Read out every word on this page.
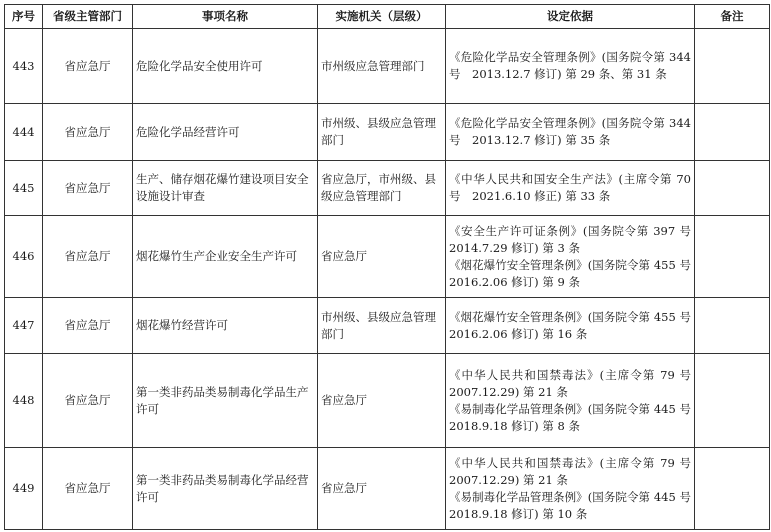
序号	省级主管部门	事项名称	实施机关（层级）	设定依据	备注
443	省应急厅	危险化学品安全使用许可	市州级应急管理部门	《危险化学品安全管理条例》(国务院令第 344 号　2013.12.7 修订) 第 29 条、第 31 条	

444	省应急厅	危险化学品经营许可	市州级、县级应急管理部门	《危险化学品安全管理条例》(国务院令第 344 号　2013.12.7 修订) 第 35 条	

445	省应急厅	生产、储存烟花爆竹建设项目安全设施设计审查	省应急厅，市州级、县级应急管理部门	《中华人民共和国安全生产法》(主席令第 70 号　2021.6.10 修正) 第 33 条	

446	省应急厅	烟花爆竹生产企业安全生产许可	省应急厅	《安全生产许可证条例》(国务院令第 397 号 2014.7.29 修订) 第 3 条
《烟花爆竹安全管理条例》(国务院令第 455 号　2016.2.06 修订) 第 9 条	

447	省应急厅	烟花爆竹经营许可	市州级、县级应急管理部门	《烟花爆竹安全管理条例》(国务院令第 455 号　2016.2.06 修订) 第 16 条	

448	省应急厅	第一类非药品类易制毒化学品生产许可	省应急厅	《中华人民共和国禁毒法》(主席令第 79 号 2007.12.29) 第 21 条
《易制毒化学品管理条例》(国务院令第 445 号　2018.9.18 修订) 第 8 条	

449	省应急厅	第一类非药品类易制毒化学品经营许可	省应急厅	《中华人民共和国禁毒法》(主席令第 79 号 2007.12.29) 第 21 条
《易制毒化学品管理条例》(国务院令第 445 号　2018.9.18 修订) 第 10 条	
